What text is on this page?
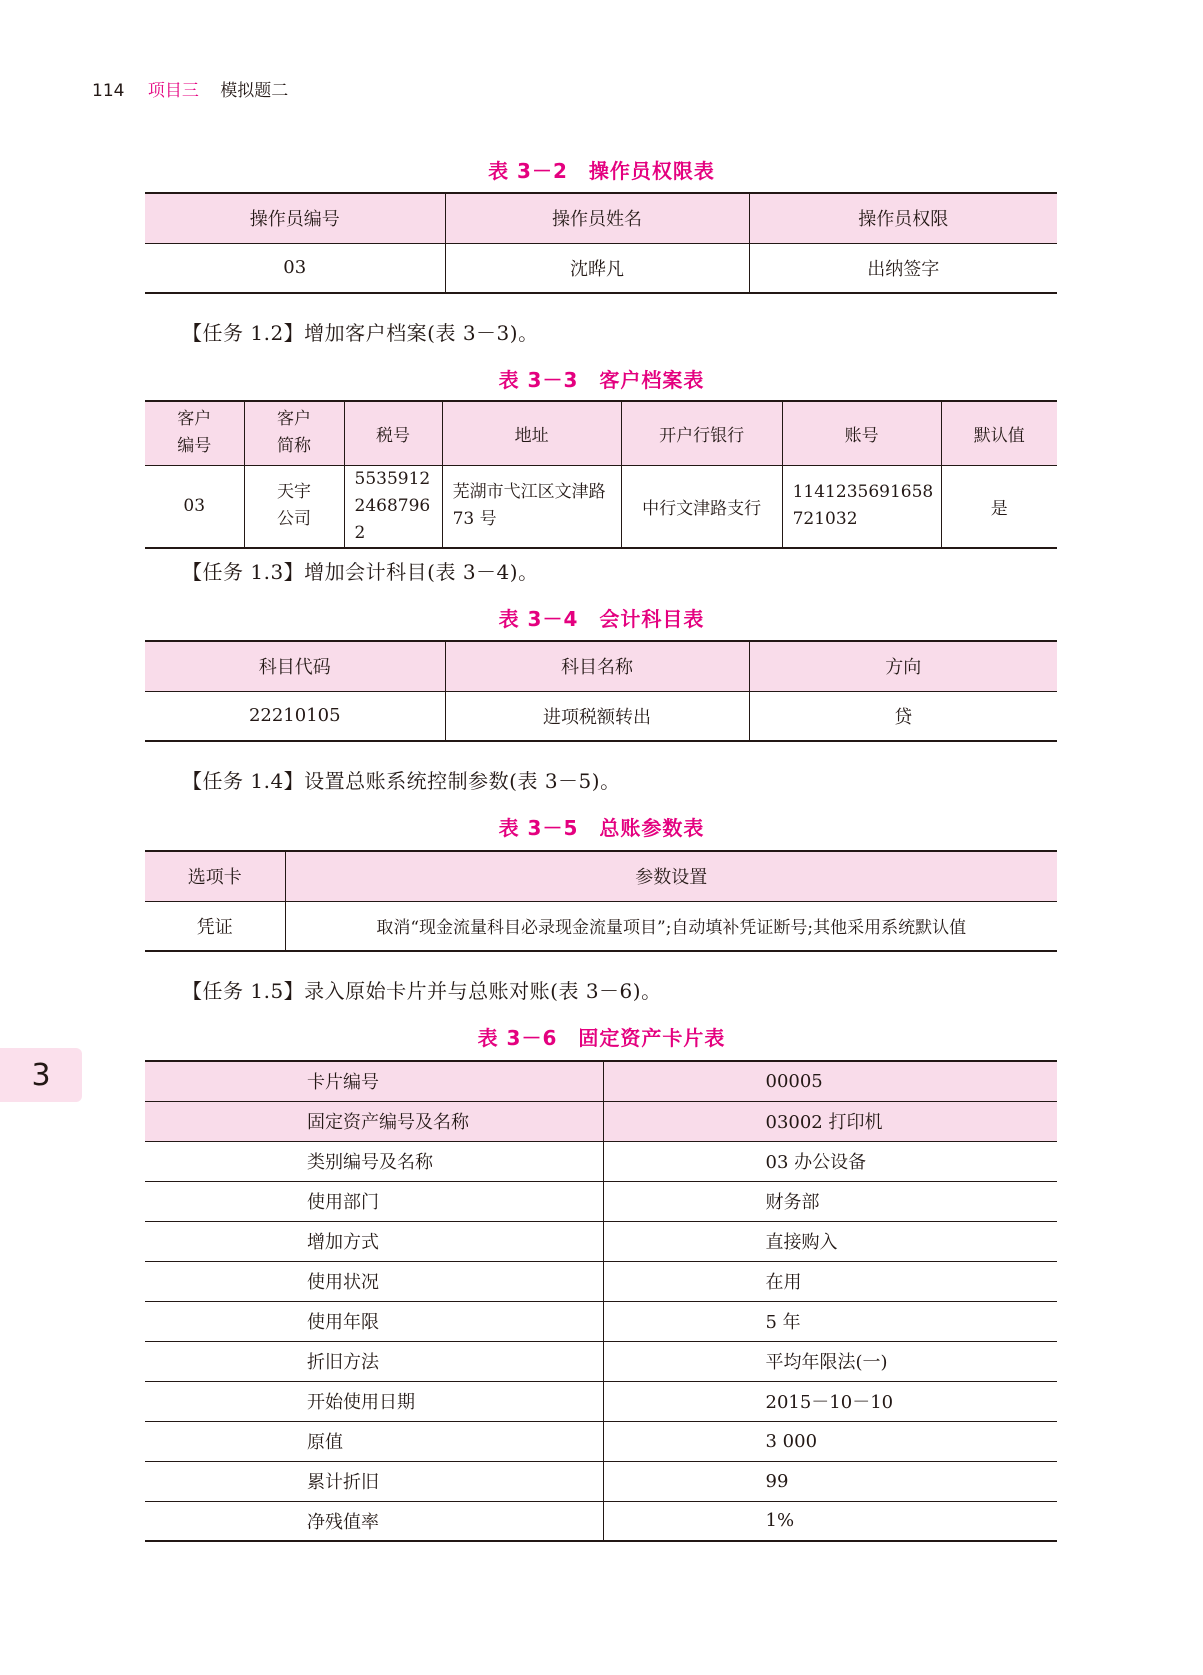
114 项目三 模拟题二
表 3－2　操作员权限表
操作员编号	操作员姓名	操作员权限
03	沈晔凡	出纳签字
【任务 1.2】增加客户档案(表 3－3)。
表 3－3　客户档案表
客户编号	客户简称	税号	地址	开户行银行	账号	默认值
03	天宇公司	553591224687962	芜湖市弋江区文津路 73 号	中行文津路支行	1141235691658721032	是
【任务 1.3】增加会计科目(表 3－4)。
表 3－4　会计科目表
科目代码	科目名称	方向
22210105	进项税额转出	贷
【任务 1.4】设置总账系统控制参数(表 3－5)。
表 3－5　总账参数表
选项卡	参数设置
凭证	取消“现金流量科目必录现金流量项目”;自动填补凭证断号;其他采用系统默认值
【任务 1.5】录入原始卡片并与总账对账(表 3－6)。
表 3－6　固定资产卡片表
卡片编号	00005
固定资产编号及名称	03002 打印机
类别编号及名称	03 办公设备
使用部门	财务部
增加方式	直接购入
使用状况	在用
使用年限	5 年
折旧方法	平均年限法(一)
开始使用日期	2015－10－10
原值	3 000
累计折旧	99
净残值率	1%
3
